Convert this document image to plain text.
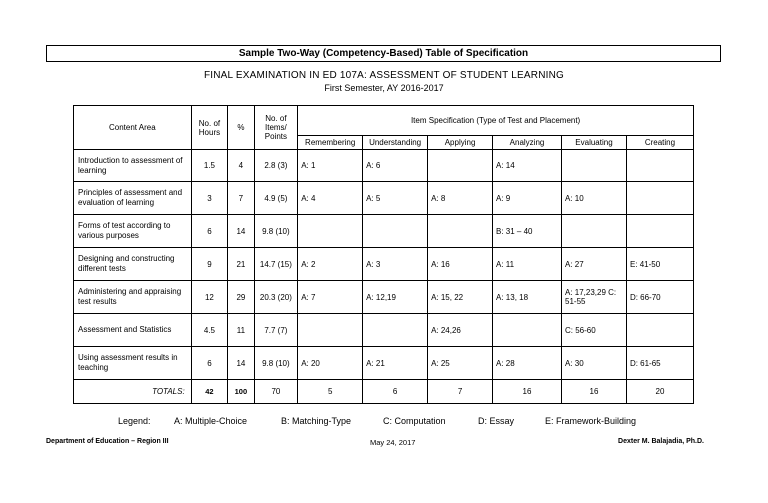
Sample Two-Way (Competency-Based) Table of Specification
FINAL EXAMINATION IN ED 107A: ASSESSMENT OF STUDENT LEARNING
First Semester, AY 2016-2017
Content Area	No. of Hours	%	No. of Items/ Points	Item Specification (Type of Test and Placement)					
				Remembering	Understanding	Applying	Analyzing	Evaluating	Creating
Introduction to assessment of learning	1.5	4	2.8 (3)	A: 1	A: 6		A: 14		
Principles of assessment and evaluation of learning	3	7	4.9 (5)	A: 4	A: 5	A: 8	A: 9	A: 10	
Forms of test according to various purposes	6	14	9.8 (10)				B: 31 – 40		
Designing and constructing different tests	9	21	14.7 (15)	A: 2	A: 3	A: 16	A: 11	A: 27	E: 41-50
Administering and appraising test results	12	29	20.3 (20)	A: 7	A: 12,19	A: 15, 22	A: 13, 18	A: 17,23,29 C: 51-55	D: 66-70
Assessment and Statistics	4.5	11	7.7 (7)			A: 24,26		C: 56-60	
Using assessment results in teaching	6	14	9.8 (10)	A: 20	A: 21	A: 25	A: 28	A: 30	D: 61-65
TOTALS:	42	100	70	5	6	7	16	16	20
Legend:	A: Multiple-Choice	B: Matching-Type	C: Computation	D: Essay	E: Framework-Building
Department of Education – Region III	May 24, 2017	Dexter M. Balajadia, Ph.D.
